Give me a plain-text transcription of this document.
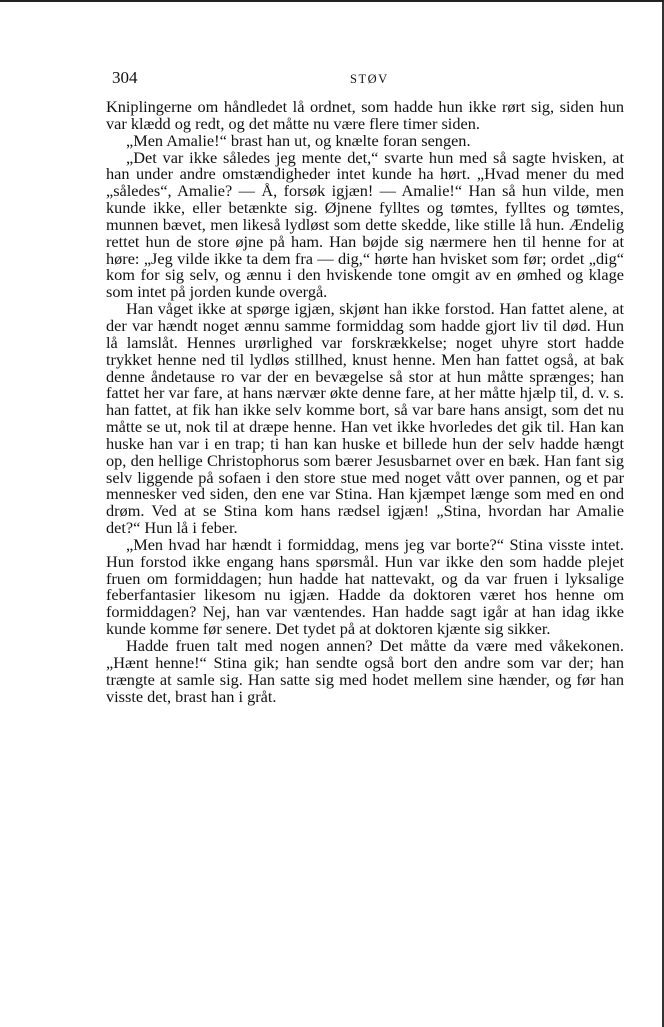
304	STØV

Kniplingerne om håndledet lå ordnet, som hadde hun ikke rørt sig, siden hun var klædd og redt, og det måtte nu være flere timer siden.

„Men Amalie!“ brast han ut, og knælte foran sengen.

„Det var ikke således jeg mente det,“ svarte hun med så sagte hvisken, at han under andre omstændigheder intet kunde ha hørt. „Hvad mener du med „således“, Amalie? — Å, forsøk igjæn! — Amalie!“ Han så hun vilde, men kunde ikke, eller betænkte sig. Øjnene fylltes og tømtes, fylltes og tømtes, munnen bævet, men likeså lydløst som dette skedde, like stille lå hun. Ændelig rettet hun de store øjne på ham. Han bøjde sig nærmere hen til henne for at høre: „Jeg vilde ikke ta dem fra — dig,“ hørte han hvisket som før; ordet „dig“ kom for sig selv, og ænnu i den hviskende tone omgit av en ømhed og klage som intet på jorden kunde overgå.

Han våget ikke at spørge igjæn, skjønt han ikke forstod. Han fattet alene, at der var hændt noget ænnu samme formiddag som hadde gjort liv til død. Hun lå lamslåt. Hennes urørlighed var forskrækkelse; noget uhyre stort hadde trykket henne ned til lydløs stillhed, knust henne. Men han fattet også, at bak denne åndetause ro var der en bevægelse så stor at hun måtte sprænges; han fattet her var fare, at hans nærvær økte denne fare, at her måtte hjælp til, d. v. s. han fattet, at fik han ikke selv komme bort, så var bare hans ansigt, som det nu måtte se ut, nok til at dræpe henne. Han vet ikke hvorledes det gik til. Han kan huske han var i en trap; ti han kan huske et billede hun der selv hadde hængt op, den hellige Christophorus som bærer Jesusbarnet over en bæk. Han fant sig selv liggende på sofaen i den store stue med noget vått over pannen, og et par mennesker ved siden, den ene var Stina. Han kjæmpet længe som med en ond drøm. Ved at se Stina kom hans rædsel igjæn! „Stina, hvordan har Amalie det?“ Hun lå i feber.

„Men hvad har hændt i formiddag, mens jeg var borte?“ Stina visste intet. Hun forstod ikke engang hans spørsmål. Hun var ikke den som hadde plejet fruen om formiddagen; hun hadde hat nattevakt, og da var fruen i lyksalige feberfantasier likesom nu igjæn. Hadde da doktoren været hos henne om formiddagen? Nej, han var væntendes. Han hadde sagt igår at han idag ikke kunde komme før senere. Det tydet på at doktoren kjænte sig sikker.

Hadde fruen talt med nogen annen? Det måtte da være med våkekonen. „Hænt henne!“ Stina gik; han sendte også bort den andre som var der; han trængte at samle sig. Han satte sig med hodet mellem sine hænder, og før han visste det, brast han i gråt.
